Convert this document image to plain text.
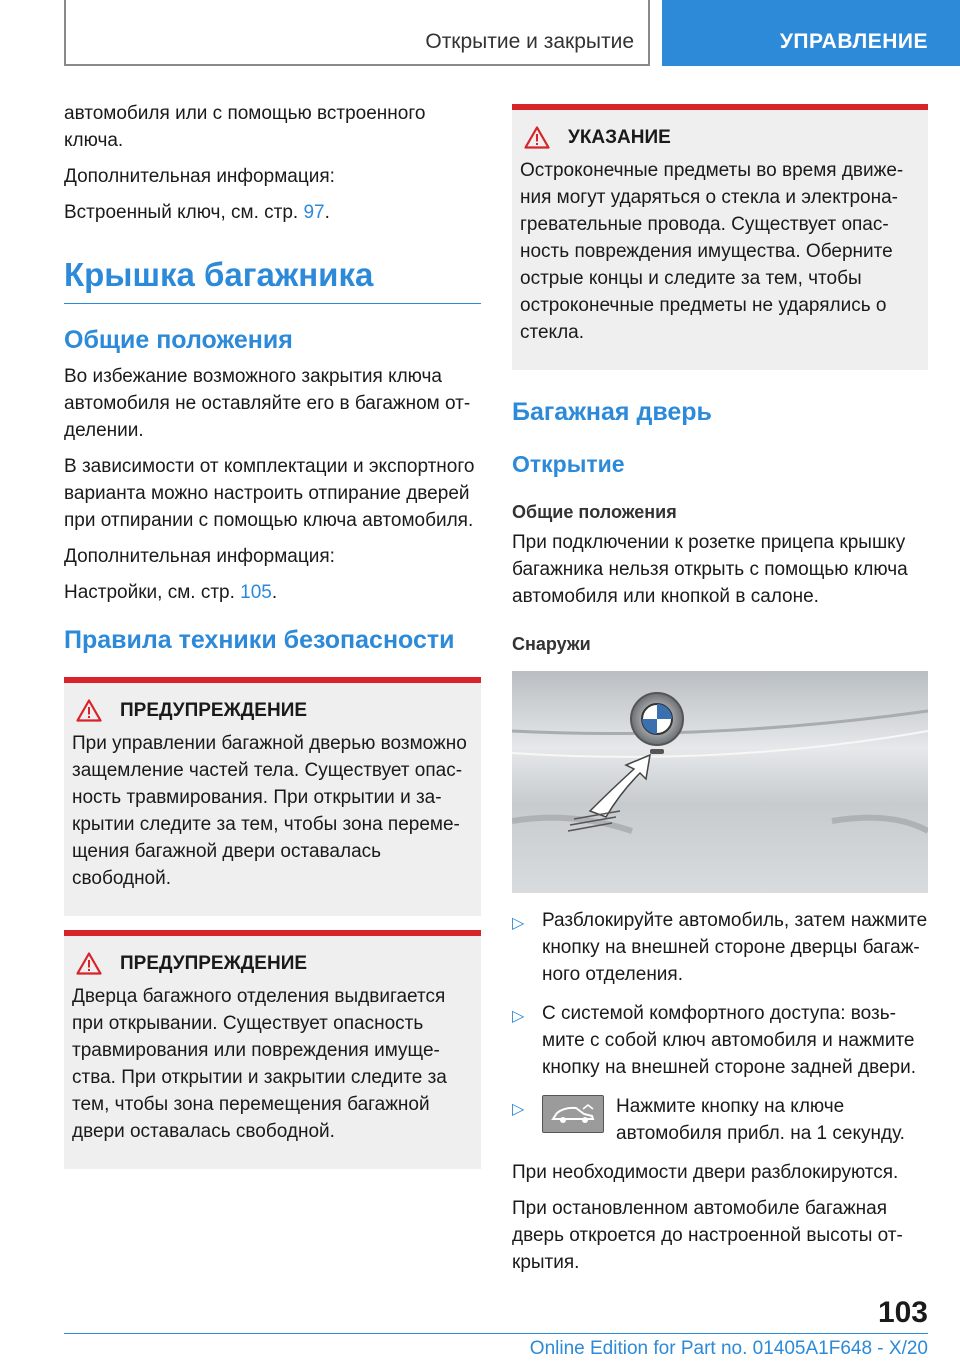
Открытие и закрытие	УПРАВЛЕНИЕ

автомобиля или с помощью встроенного ключа.

Дополнительная информация:

Встроенный ключ, см. стр. 97.

Крышка багажника
Общие положения

Во избежание возможного закрытия ключа автомобиля не оставляйте его в багажном отделении.

В зависимости от комплектации и экспортного варианта можно настроить отпирание дверей при отпирании с помощью ключа автомобиля.

Дополнительная информация:

Настройки, см. стр. 105.

Правила техники безопасности
ПРЕДУПРЕЖДЕНИЕ

При управлении багажной дверью возможно защемление частей тела. Существует опасность травмирования. При открытии и закрытии следите за тем, чтобы зона перемещения багажной двери оставалась свободной.

ПРЕДУПРЕЖДЕНИЕ

Дверца багажного отделения выдвигается при открывании. Существует опасность травмирования или повреждения имущества. При открытии и закрытии следите за тем, чтобы зона перемещения багажной двери оставалась свободной.

УКАЗАНИЕ

Остроконечные предметы во время движения могут ударяться о стекла и электронагревательные провода. Существует опасность повреждения имущества. Оберните острые концы и следите за тем, чтобы остроконечные предметы не ударялись о стекла.

Багажная дверь
Открытие
Общие положения

При подключении к розетке прицепа крышку багажника нельзя открыть с помощью ключа автомобиля или кнопкой в салоне.

Снаружи
▷ Разблокируйте автомобиль, затем нажмите кнопку на внешней стороне дверцы багажного отделения.
▷ С системой комфортного доступа: возьмите с собой ключ автомобиля и нажмите кнопку на внешней стороне задней двери.
▷	Нажмите кнопку на ключе автомобиля прибл. на 1 секунду.

При необходимости двери разблокируются.

При остановленном автомобиле багажная дверь откроется до настроенной высоты открытия.

103
Online Edition for Part no. 01405A1F648 - X/20
